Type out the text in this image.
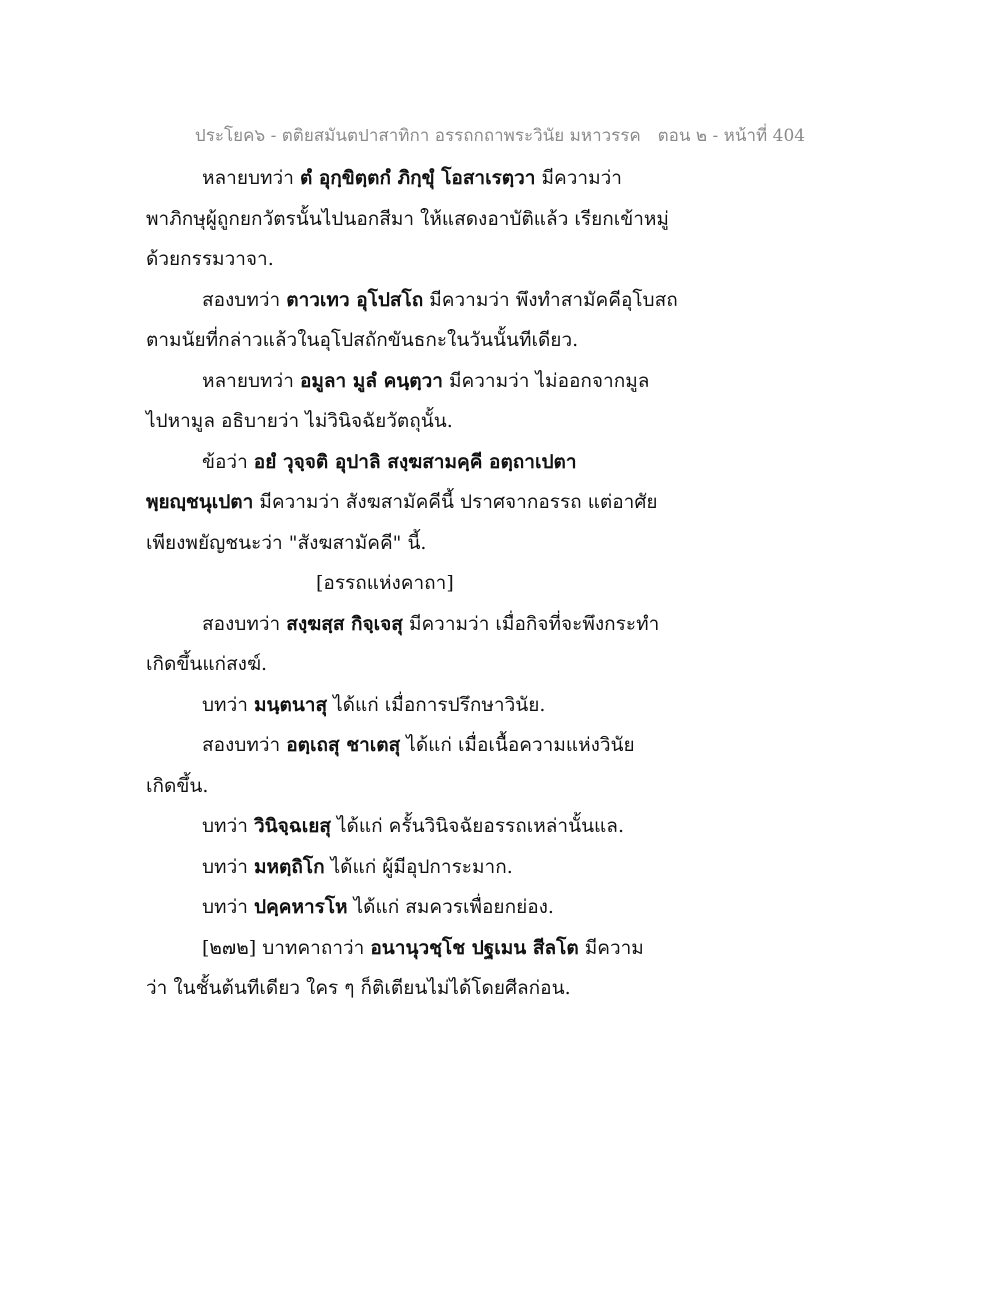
ประโยค๖ - ตติยสมันตปาสาทิกา อรรถกถาพระวินัย มหาวรรค ตอน ๒ - หน้าที่ 404
หลายบทว่า ตํ อุกฺขิตฺตกํ ภิกฺขุํ โอสาเรตฺวา มีความว่า
พาภิกษุผู้ถูกยกวัตรนั้นไปนอกสีมา ให้แสดงอาบัติแล้ว เรียกเข้าหมู่
ด้วยกรรมวาจา.
สองบทว่า ตาวเทว อุโปสโถ มีความว่า พึงทำสามัคคีอุโบสถ
ตามนัยที่กล่าวแล้วในอุโปสถักขันธกะในวันนั้นทีเดียว.
หลายบทว่า อมูลา มูลํ คนฺตฺวา มีความว่า ไม่ออกจากมูล
ไปหามูล อธิบายว่า ไม่วินิจฉัยวัตถุนั้น.
ข้อว่า อยํ วุจฺจติ อุปาลิ สงฺฆสามคฺคี อตฺถาเปตา
พฺยญฺชนุเปตา มีความว่า สังฆสามัคคีนี้ ปราศจากอรรถ แต่อาศัย
เพียงพยัญชนะว่า "สังฆสามัคคี" นี้.
[อรรถแห่งคาถา]
สองบทว่า สงฺฆสฺส กิจฺเจสุ มีความว่า เมื่อกิจที่จะพึงกระทำ
เกิดขึ้นแก่สงฆ์.
บทว่า มนฺตนาสุ ได้แก่ เมื่อการปรึกษาวินัย.
สองบทว่า อตฺเถสุ ชาเตสุ ได้แก่ เมื่อเนื้อความแห่งวินัย
เกิดขึ้น.
บทว่า วินิจฺฉเยสุ ได้แก่ ครั้นวินิจฉัยอรรถเหล่านั้นแล.
บทว่า มหตฺถิโก ได้แก่ ผู้มีอุปการะมาก.
บทว่า ปคฺคหารโห ได้แก่ สมควรเพื่อยกย่อง.
[๒๗๒] บาทคาถาว่า อนานุวชฺโช ปฐเมน สีลโต มีความ
ว่า ในชั้นต้นทีเดียว ใคร ๆ ก็ติเตียนไม่ได้โดยศีลก่อน.
